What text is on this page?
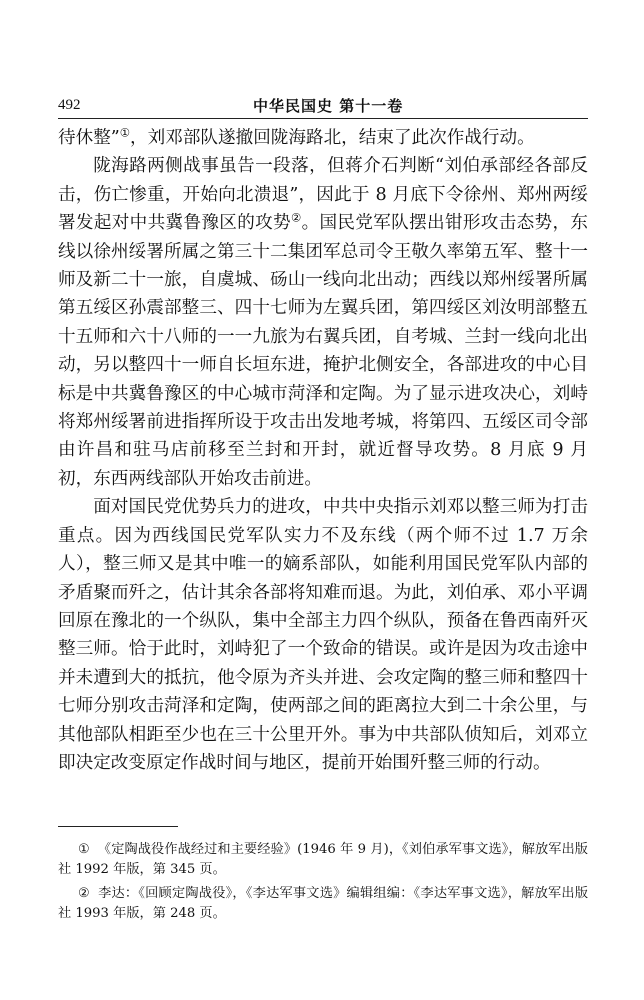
492	中华民国史 第十一卷

待休整”①，刘邓部队遂撤回陇海路北，结束了此次作战行动。

陇海路两侧战事虽告一段落，但蒋介石判断“刘伯承部经各部反击，伤亡惨重，开始向北溃退”，因此于 8 月底下令徐州、郑州两绥署发起对中共冀鲁豫区的攻势②。国民党军队摆出钳形攻击态势，东线以徐州绥署所属之第三十二集团军总司令王敬久率第五军、整十一师及新二十一旅，自虞城、砀山一线向北出动；西线以郑州绥署所属第五绥区孙震部整三、四十七师为左翼兵团，第四绥区刘汝明部整五十五师和六十八师的一一九旅为右翼兵团，自考城、兰封一线向北出动，另以整四十一师自长垣东进，掩护北侧安全，各部进攻的中心目标是中共冀鲁豫区的中心城市菏泽和定陶。为了显示进攻决心，刘峙将郑州绥署前进指挥所设于攻击出发地考城，将第四、五绥区司令部由许昌和驻马店前移至兰封和开封，就近督导攻势。8 月底 9 月初，东西两线部队开始攻击前进。

面对国民党优势兵力的进攻，中共中央指示刘邓以整三师为打击重点。因为西线国民党军队实力不及东线（两个师不过 1.7 万余人），整三师又是其中唯一的嫡系部队，如能利用国民党军队内部的矛盾聚而歼之，估计其余各部将知难而退。为此，刘伯承、邓小平调回原在豫北的一个纵队，集中全部主力四个纵队，预备在鲁西南歼灭整三师。恰于此时，刘峙犯了一个致命的错误。或许是因为攻击途中并未遭到大的抵抗，他令原为齐头并进、会攻定陶的整三师和整四十七师分别攻击菏泽和定陶，使两部之间的距离拉大到二十余公里，与其他部队相距至少也在三十公里开外。事为中共部队侦知后，刘邓立即决定改变原定作战时间与地区，提前开始围歼整三师的行动。

① 《定陶战役作战经过和主要经验》(1946 年 9 月)，《刘伯承军事文选》，解放军出版社 1992 年版，第 345 页。

② 李达：《回顾定陶战役》，《李达军事文选》编辑组编：《李达军事文选》，解放军出版社 1993 年版，第 248 页。
